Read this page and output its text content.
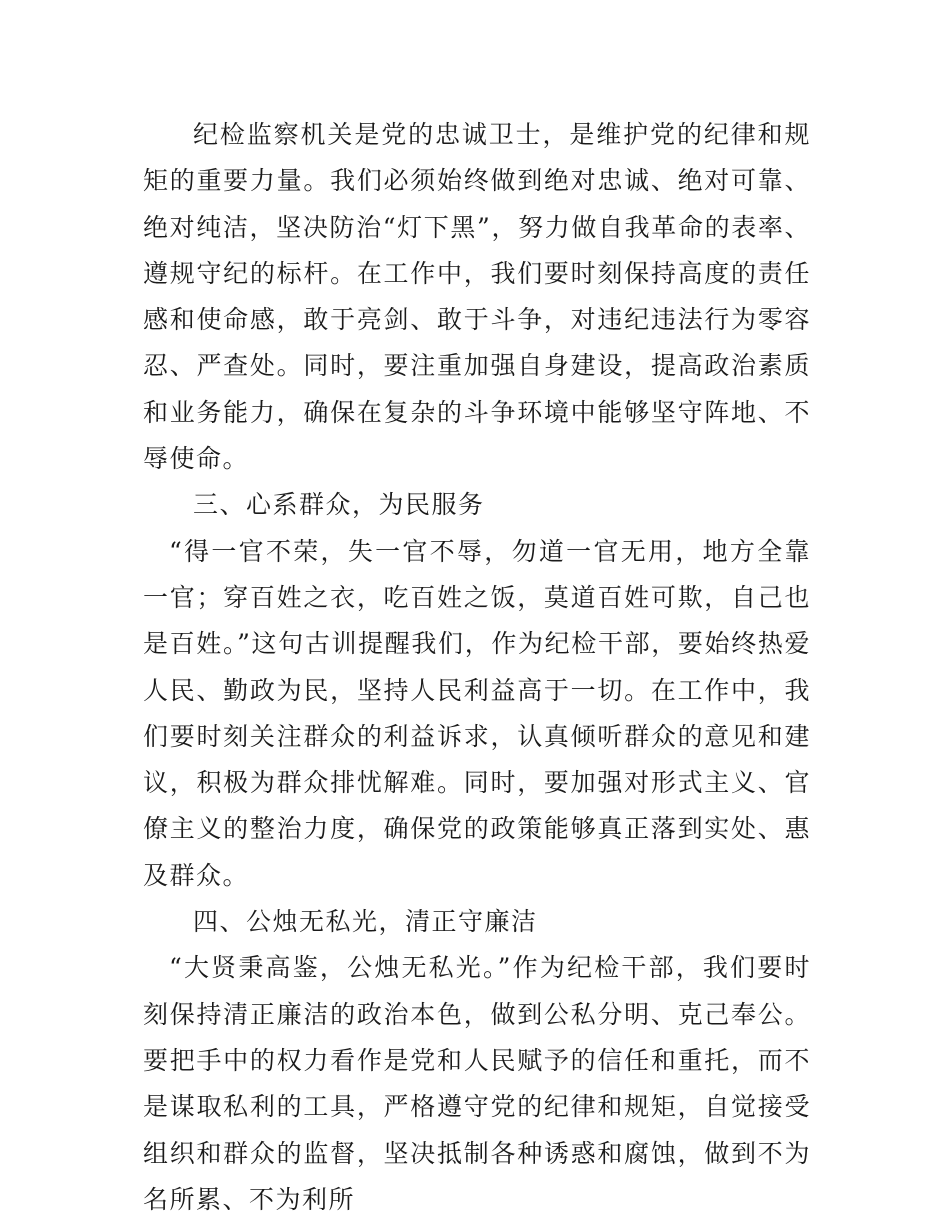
纪检监察机关是党的忠诚卫士，是维护党的纪律和规矩的重要力量。我们必须始终做到绝对忠诚、绝对可靠、绝对纯洁，坚决防治“灯下黑”，努力做自我革命的表率、遵规守纪的标杆。在工作中，我们要时刻保持高度的责任感和使命感，敢于亮剑、敢于斗争，对违纪违法行为零容忍、严查处。同时，要注重加强自身建设，提高政治素质和业务能力，确保在复杂的斗争环境中能够坚守阵地、不辱使命。

三、心系群众，为民服务

“得一官不荣，失一官不辱，勿道一官无用，地方全靠一官；穿百姓之衣，吃百姓之饭，莫道百姓可欺，自己也是百姓。”这句古训提醒我们，作为纪检干部，要始终热爱人民、勤政为民，坚持人民利益高于一切。在工作中，我们要时刻关注群众的利益诉求，认真倾听群众的意见和建议，积极为群众排忧解难。同时，要加强对形式主义、官僚主义的整治力度，确保党的政策能够真正落到实处、惠及群众。

四、公烛无私光，清正守廉洁

“大贤秉高鉴，公烛无私光。”作为纪检干部，我们要时刻保持清正廉洁的政治本色，做到公私分明、克己奉公。要把手中的权力看作是党和人民赋予的信任和重托，而不是谋取私利的工具，严格遵守党的纪律和规矩，自觉接受组织和群众的监督，坚决抵制各种诱惑和腐蚀，做到不为名所累、不为利所
